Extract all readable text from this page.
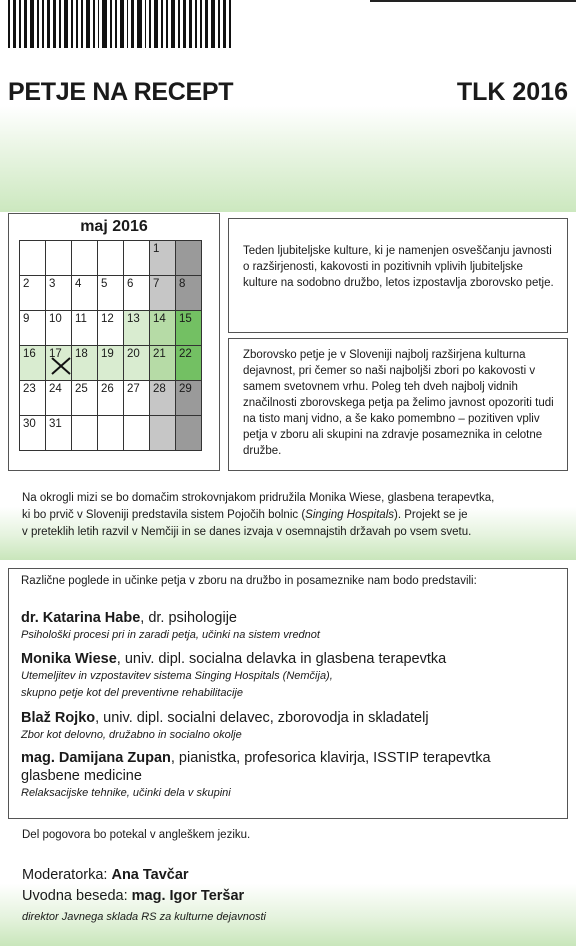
PETJE NA RECEPT	TLK 2016
maj 2016
					1	
2	3	4	5	6	7	8
9	10	11	12	13	14	15
16	17	18	19	20	21	22
23	24	25	26	27	28	29
30	31					

Teden ljubiteljske kulture, ki je namenjen osveščanju javnosti o razširjenosti, kakovosti in pozitivnih vplivih ljubiteljske kulture na sodobno družbo, letos izpostavlja zborovsko petje.

Zborovsko petje je v Sloveniji najbolj razširjena kulturna dejavnost, pri čemer so naši najboljši zbori po kakovosti v samem svetovnem vrhu. Poleg teh dveh najbolj vidnih značilnosti zborovskega petja pa želimo javnost opozoriti tudi na tisto manj vidno, a še kako pomembno – pozitiven vpliv petja v zboru ali skupini na zdravje posameznika in celotne družbe.

Na okrogli mizi se bo domačim strokovnjakom pridružila Monika Wiese, glasbena terapevtka,
ki bo prvič v Sloveniji predstavila sistem Pojočih bolnic (Singing Hospitals). Projekt se je
v preteklih letih razvil v Nemčiji in se danes izvaja v osemnajstih državah po vsem svetu.

Različne poglede in učinke petja v zboru na družbo in posameznike nam bodo predstavili:
dr. Katarina Habe, dr. psihologije
Psihološki procesi pri in zaradi petja, učinki na sistem vrednot
Monika Wiese, univ. dipl. socialna delavka in glasbena terapevtka
Utemeljitev in vzpostavitev sistema Singing Hospitals (Nemčija), skupno petje kot del preventivne rehabilitacije
Blaž Rojko, univ. dipl. socialni delavec, zborovodja in skladatelj
Zbor kot delovno, družabno in socialno okolje
mag. Damijana Zupan, pianistka, profesorica klavirja, ISSTIP terapevtka glasbene medicine
Relaksacijske tehnike, učinki dela v skupini
Del pogovora bo potekal v angleškem jeziku.
Moderatorka: Ana Tavčar
Uvodna beseda: mag. Igor Teršar
direktor Javnega sklada RS za kulturne dejavnosti
